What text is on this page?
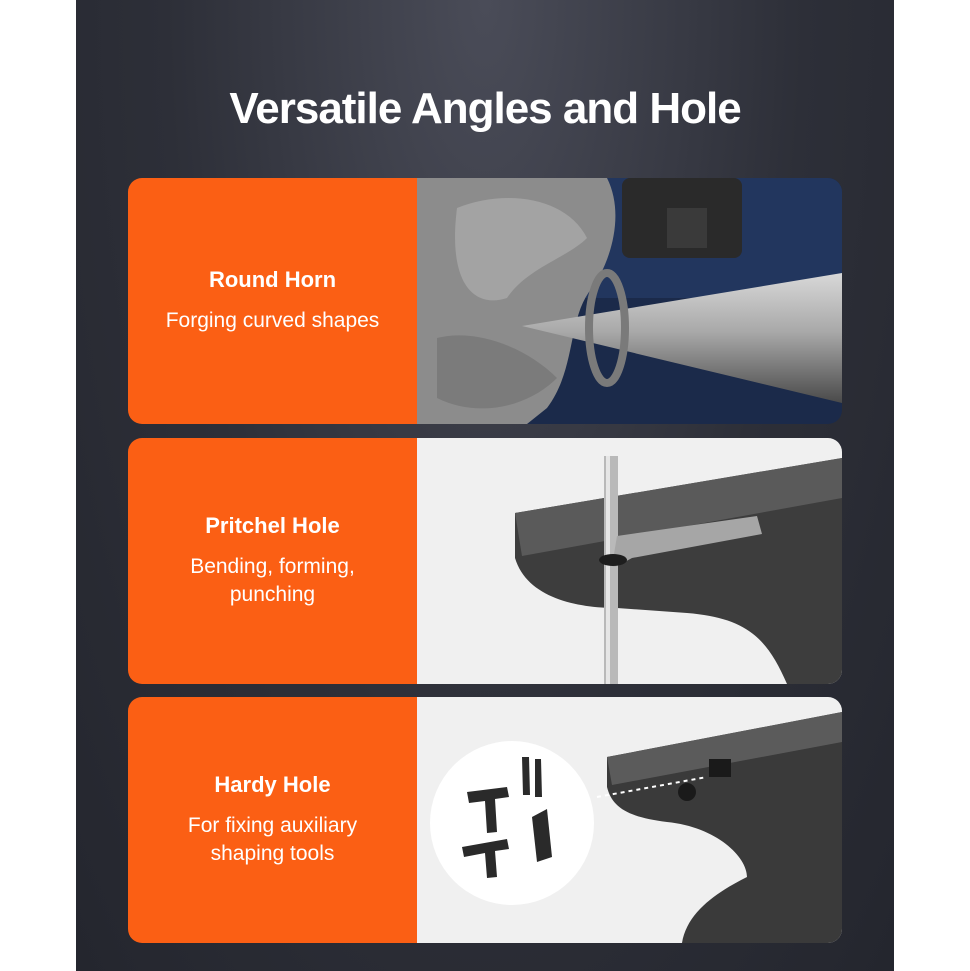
Versatile Angles and Hole
Round Horn
Forging curved shapes
Pritchel Hole
Bending, forming, punching
Hardy Hole
For fixing auxiliary shaping tools
